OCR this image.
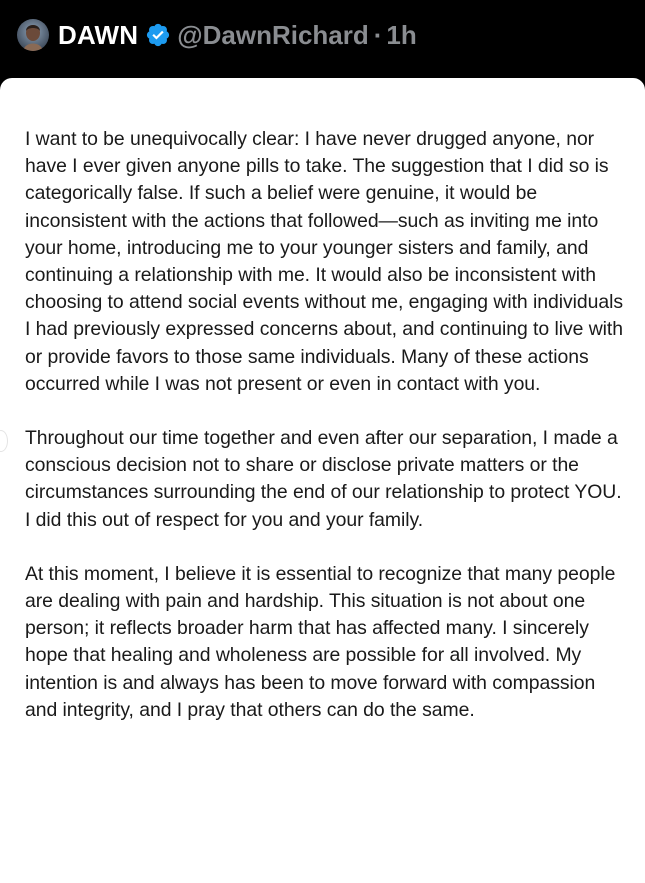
DAWN @DawnRichard · 1h

I want to be unequivocally clear: I have never drugged anyone, nor have I ever given anyone pills to take. The suggestion that I did so is categorically false. If such a belief were genuine, it would be inconsistent with the actions that followed—such as inviting me into your home, introducing me to your younger sisters and family, and continuing a relationship with me. It would also be inconsistent with choosing to attend social events without me, engaging with individuals I had previously expressed concerns about, and continuing to live with or provide favors to those same individuals. Many of these actions occurred while I was not present or even in contact with you.

Throughout our time together and even after our separation, I made a conscious decision not to share or disclose private matters or the circumstances surrounding the end of our relationship to protect YOU. I did this out of respect for you and your family.

At this moment, I believe it is essential to recognize that many people are dealing with pain and hardship. This situation is not about one person; it reflects broader harm that has affected many. I sincerely hope that healing and wholeness are possible for all involved. My intention is and always has been to move forward with compassion and integrity, and I pray that others can do the same.
